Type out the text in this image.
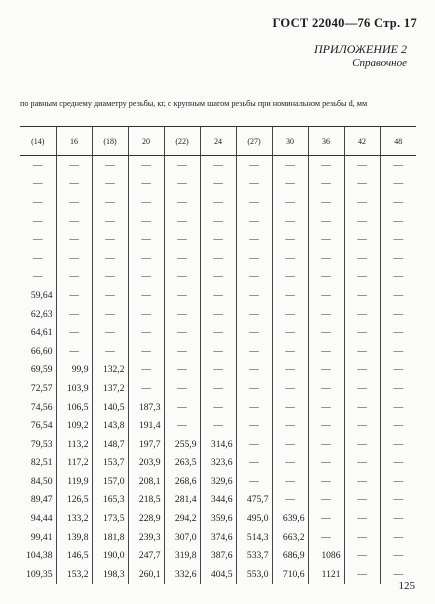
ГОСТ 22040—76 Стр. 17
ПРИЛОЖЕНИЕ 2
Справочное
по равным среднему диаметру резьбы, кг, с крупным шагом резьбы при номинальном резьбы d, мм
(14)	16	(18)	20	(22)	24	(27)	30	36	42	48
—	—	—	—	—	—	—	—	—	—	—
—	—	—	—	—	—	—	—	—	—	—
—	—	—	—	—	—	—	—	—	—	—
—	—	—	—	—	—	—	—	—	—	—
—	—	—	—	—	—	—	—	—	—	—
—	—	—	—	—	—	—	—	—	—	—
—	—	—	—	—	—	—	—	—	—	—
59,64	—	—	—	—	—	—	—	—	—	—
62,63	—	—	—	—	—	—	—	—	—	—
64,61	—	—	—	—	—	—	—	—	—	—
66,60	—	—	—	—	—	—	—	—	—	—
69,59	99,9	132,2	—	—	—	—	—	—	—	—
72,57	103,9	137,2	—	—	—	—	—	—	—	—
74,56	106,5	140,5	187,3	—	—	—	—	—	—	—
76,54	109,2	143,8	191,4	—	—	—	—	—	—	—
79,53	113,2	148,7	197,7	255,9	314,6	—	—	—	—	—
82,51	117,2	153,7	203,9	263,5	323,6	—	—	—	—	—
84,50	119,9	157,0	208,1	268,6	329,6	—	—	—	—	—
89,47	126,5	165,3	218,5	281,4	344,6	475,7	—	—	—	—
94,44	133,2	173,5	228,9	294,2	359,6	495,0	639,6	—	—	—
99,41	139,8	181,8	239,3	307,0	374,6	514,3	663,2	—	—	—
104,38	146,5	190,0	247,7	319,8	387,6	533,7	686,9	1086	—	—
109,35	153,2	198,3	260,1	332,6	404,5	553,0	710,6	1121	—	—
125
